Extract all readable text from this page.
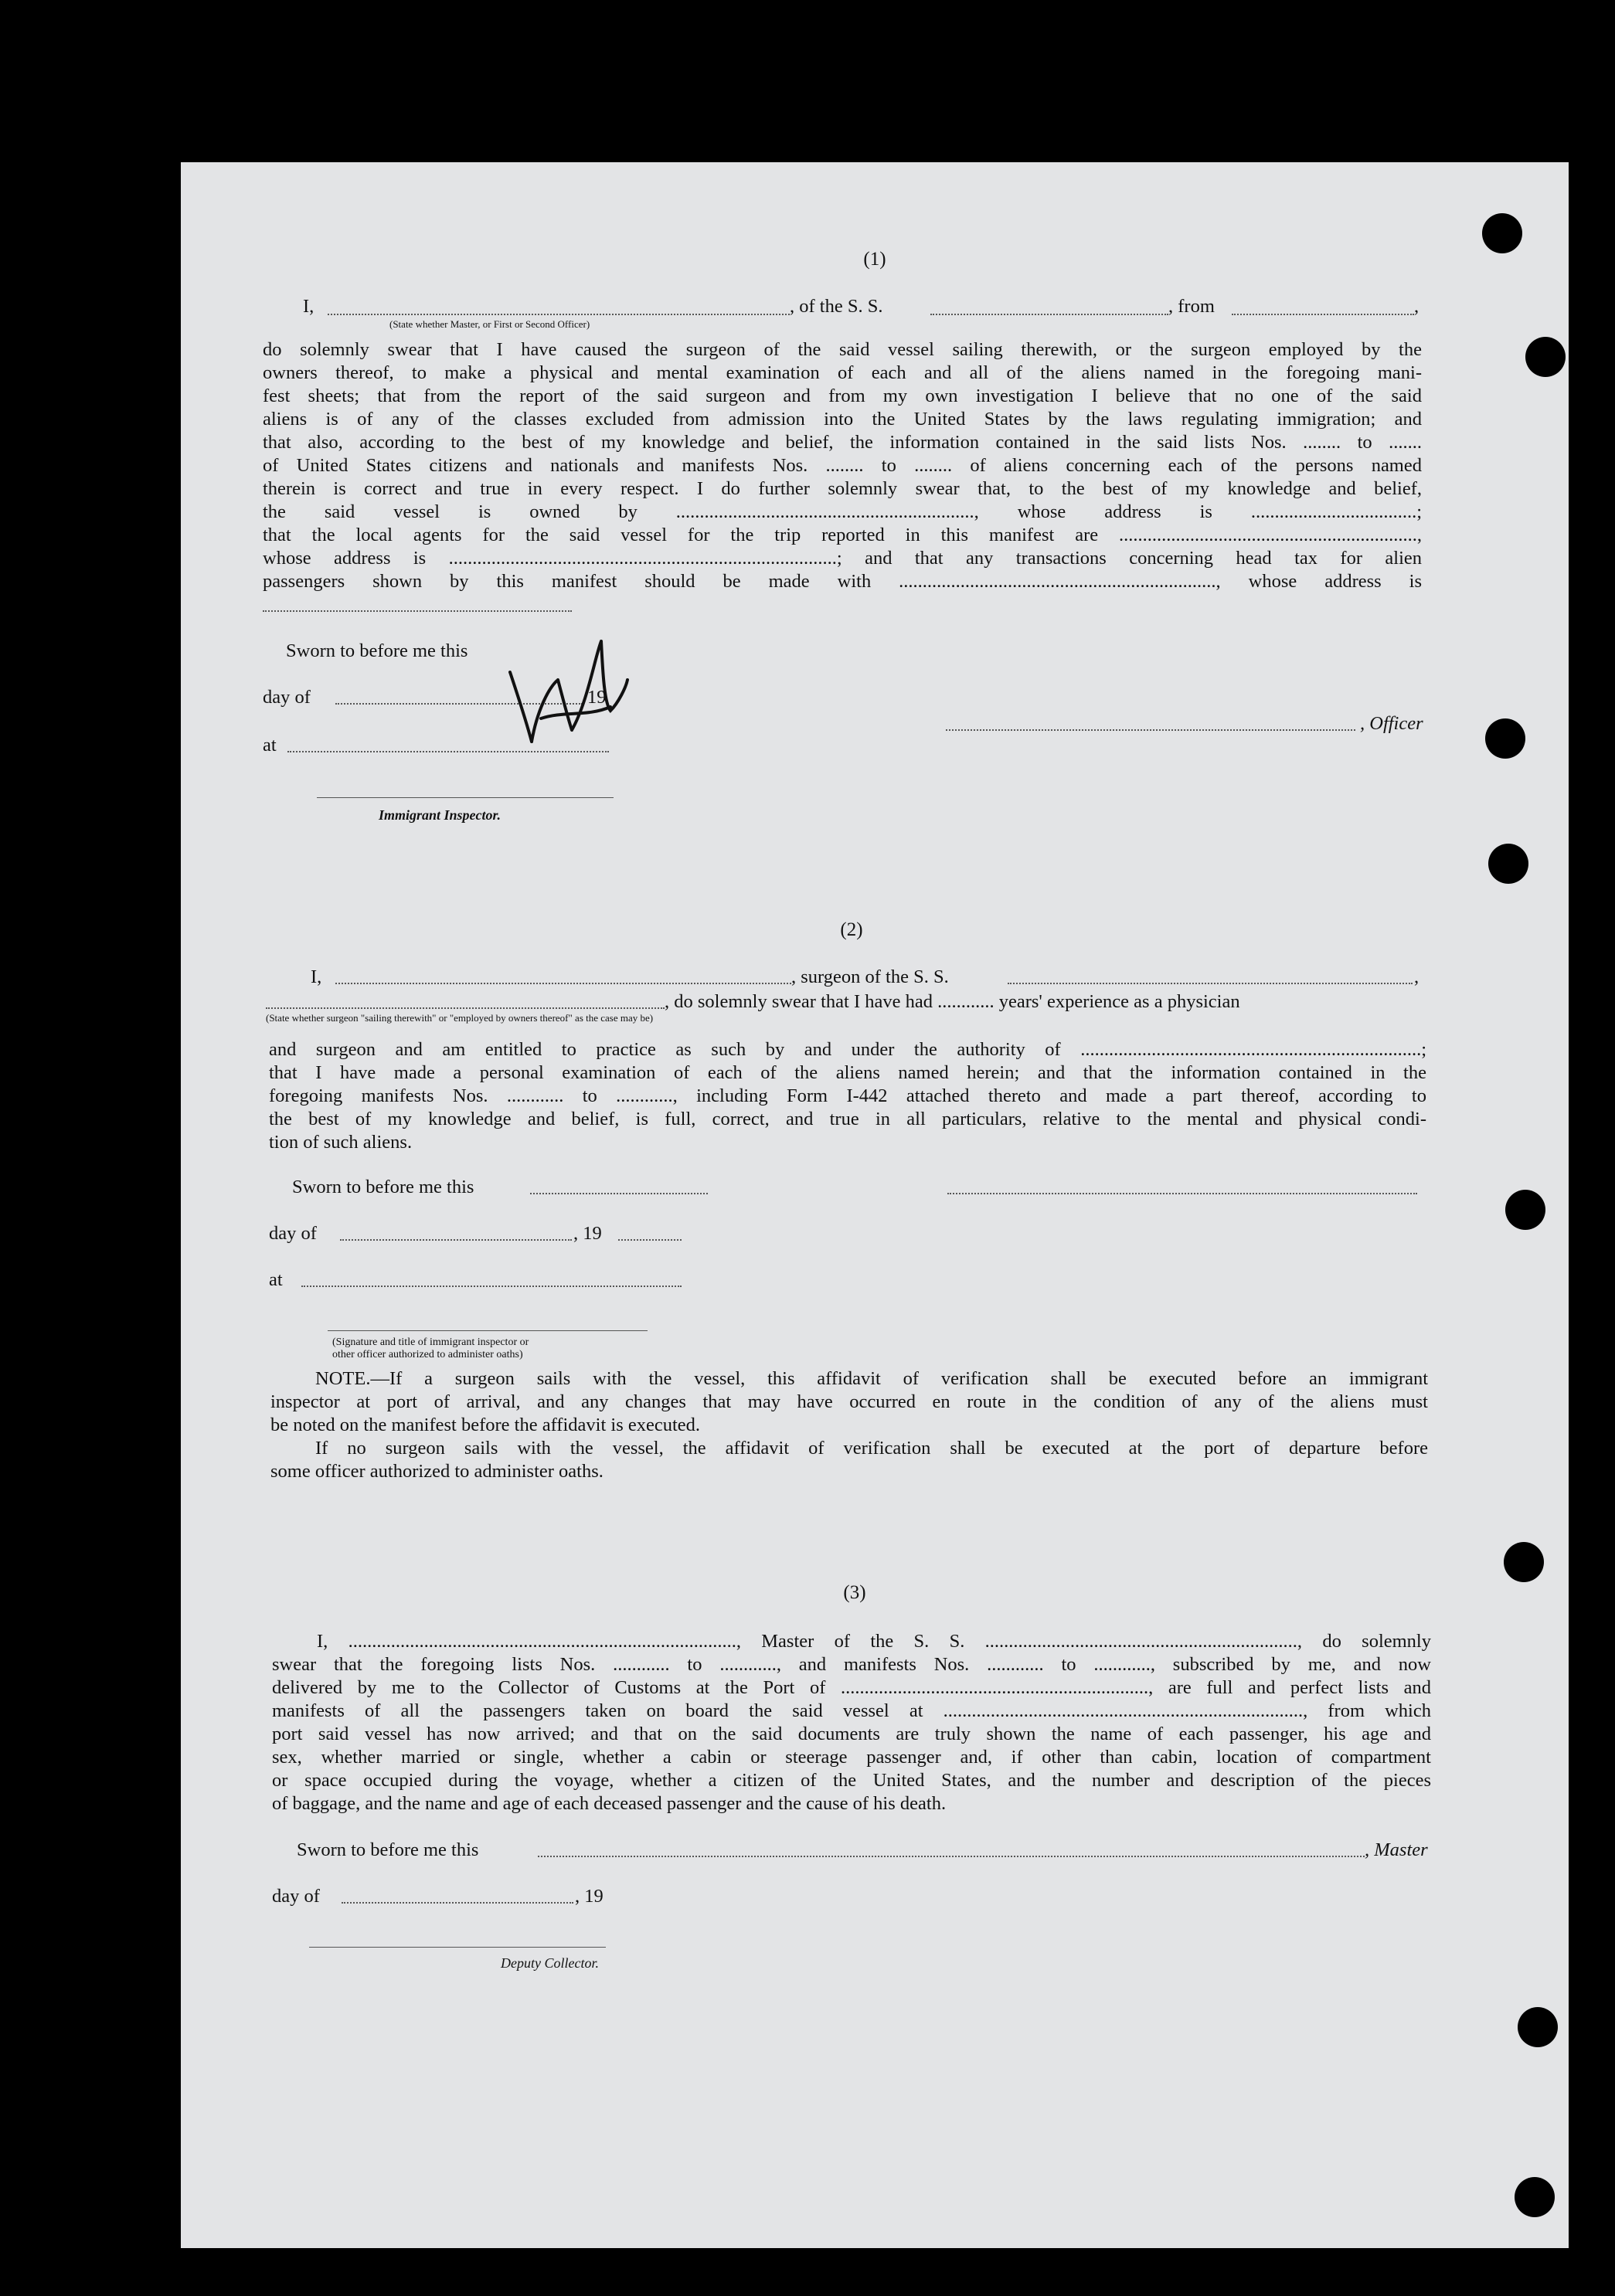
(1)
I,	, of the S. S.	, from	,
(State whether Master, or First or Second Officer)
do solemnly swear that I have caused the surgeon of the said vessel sailing therewith, or the surgeon employed by the
owners thereof, to make a physical and mental examination of each and all of the aliens named in the foregoing mani-
fest sheets; that from the report of the said surgeon and from my own investigation I believe that no one of the said
aliens is of any of the classes excluded from admission into the United States by the laws regulating immigration; and
that also, according to the best of my knowledge and belief, the information contained in the said lists Nos. ........ to .......
of United States citizens and nationals and manifests Nos. ........ to ........ of aliens concerning each of the persons named
therein is correct and true in every respect. I do further solemnly swear that, to the best of my knowledge and belief,
the said vessel is owned by ..............................................................., whose address is ...................................;
that the local agents for the said vessel for the trip reported in this manifest are ...............................................................,
whose address is ..................................................................................; and that any transactions concerning head tax for alien
passengers shown by this manifest should be made with ..................................................................., whose address is
Sworn to before me this
day of	19
at
, Officer
Immigrant Inspector.
(2)
I,	, surgeon of the S. S.	,
, do solemnly swear that I have had ............ years' experience as a physician
(State whether surgeon "sailing therewith" or "employed by owners thereof" as the case may be)
and surgeon and am entitled to practice as such by and under the authority of ........................................................................;
that I have made a personal examination of each of the aliens named herein; and that the information contained in the
foregoing manifests Nos. ............ to ............, including Form I-442 attached thereto and made a part thereof, according to
the best of my knowledge and belief, is full, correct, and true in all particulars, relative to the mental and physical condi-
tion of such aliens.
Sworn to before me this
day of	, 19
at
(Signature and title of immigrant inspector or
other officer authorized to administer oaths)
NOTE.—If a surgeon sails with the vessel, this affidavit of verification shall be executed before an immigrant
inspector at port of arrival, and any changes that may have occurred en route in the condition of any of the aliens must
be noted on the manifest before the affidavit is executed.
If no surgeon sails with the vessel, the affidavit of verification shall be executed at the port of departure before
some officer authorized to administer oaths.
(3)
I, .................................................................................., Master of the S. S. .................................................................., do solemnly
swear that the foregoing lists Nos. ............ to ............, and manifests Nos. ............ to ............, subscribed by me, and now
delivered by me to the Collector of Customs at the Port of ................................................................., are full and perfect lists and
manifests of all the passengers taken on board the said vessel at ............................................................................, from which
port said vessel has now arrived; and that on the said documents are truly shown the name of each passenger, his age and
sex, whether married or single, whether a cabin or steerage passenger and, if other than cabin, location of compartment
or space occupied during the voyage, whether a citizen of the United States, and the number and description of the pieces
of baggage, and the name and age of each deceased passenger and the cause of his death.
Sworn to before me this	, Master
day of	, 19
Deputy Collector.
